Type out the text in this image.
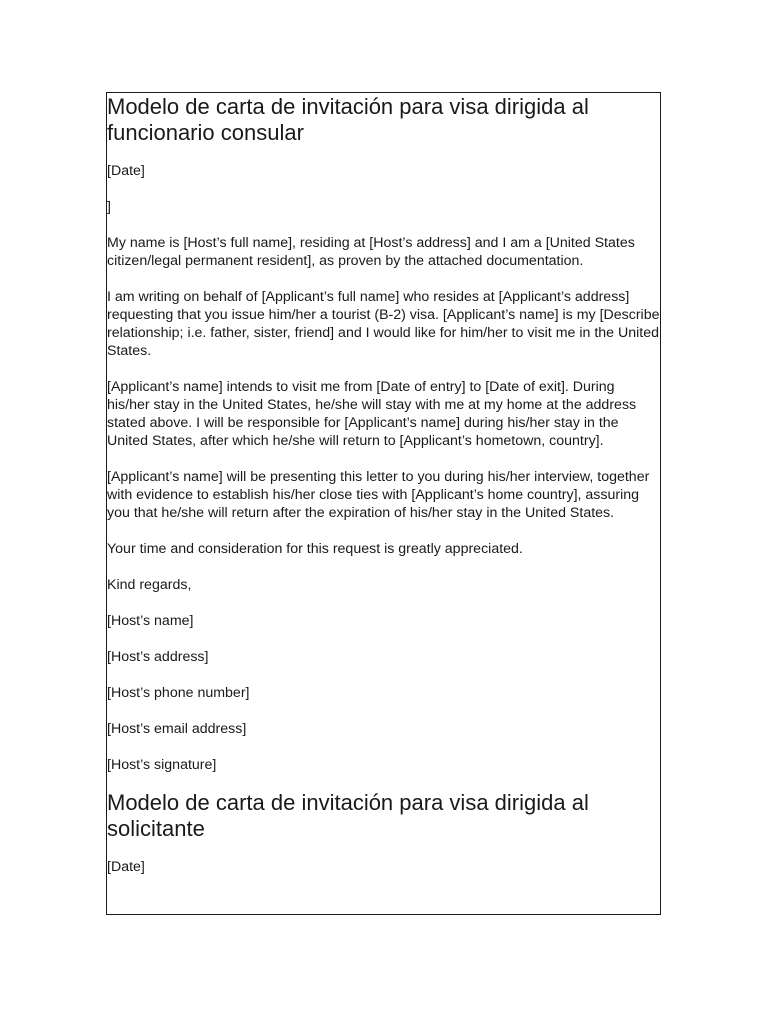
Modelo de carta de invitación para visa dirigida al funcionario consular

[Date]

]

My name is [Host’s full name], residing at [Host’s address] and I am a [United States citizen/legal permanent resident], as proven by the attached documentation.

I am writing on behalf of [Applicant’s full name] who resides at [Applicant’s address] requesting that you issue him/her a tourist (B-2) visa. [Applicant’s name] is my [Describe relationship; i.e. father, sister, friend] and I would like for him/her to visit me in the United States.

[Applicant’s name] intends to visit me from [Date of entry] to [Date of exit]. During his/her stay in the United States, he/she will stay with me at my home at the address stated above. I will be responsible for [Applicant’s name] during his/her stay in the United States, after which he/she will return to [Applicant’s hometown, country].

[Applicant’s name] will be presenting this letter to you during his/her interview, together with evidence to establish his/her close ties with [Applicant’s home country], assuring you that he/she will return after the expiration of his/her stay in the United States.

Your time and consideration for this request is greatly appreciated.

Kind regards,

[Host’s name]

[Host’s address]

[Host’s phone number]

[Host’s email address]

[Host’s signature]

Modelo de carta de invitación para visa dirigida al solicitante

[Date]
